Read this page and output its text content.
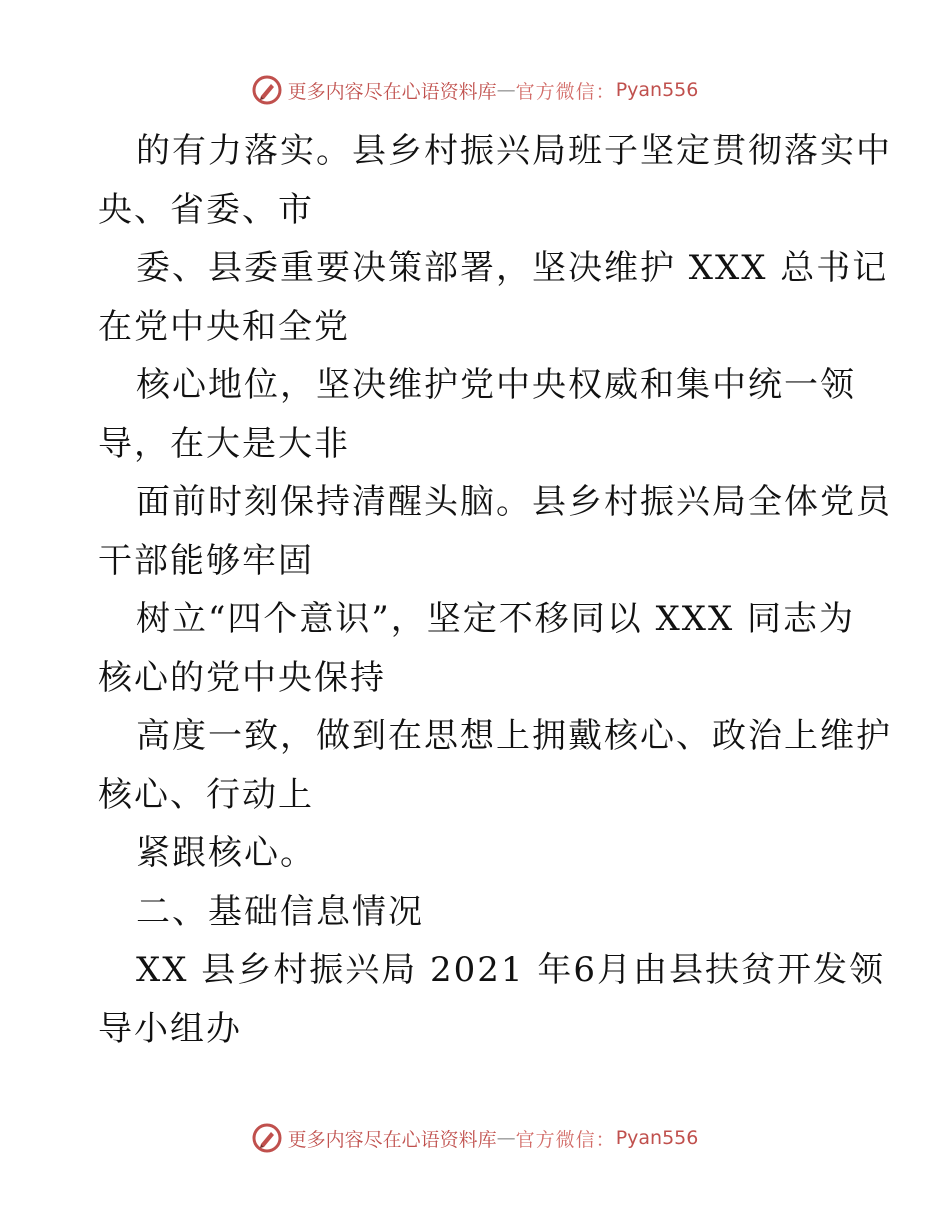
更多内容尽在心语资料库 — 官方微信： Pyan556
的有力落实。县乡村振兴局班子坚定贯彻落实中
央、省委、市
委、县委重要决策部署，坚决维护 XXX 总书记
在党中央和全党
核心地位，坚决维护党中央权威和集中统一领
导，在大是大非
面前时刻保持清醒头脑。县乡村振兴局全体党员
干部能够牢固
树立“四个意识”，坚定不移同以 XXX 同志为
核心的党中央保持
高度一致，做到在思想上拥戴核心、政治上维护
核心、行动上
紧跟核心。
二、基础信息情况
XX 县乡村振兴局 2021 年6月由县扶贫开发领
导小组办
更多内容尽在心语资料库 — 官方微信： Pyan556
